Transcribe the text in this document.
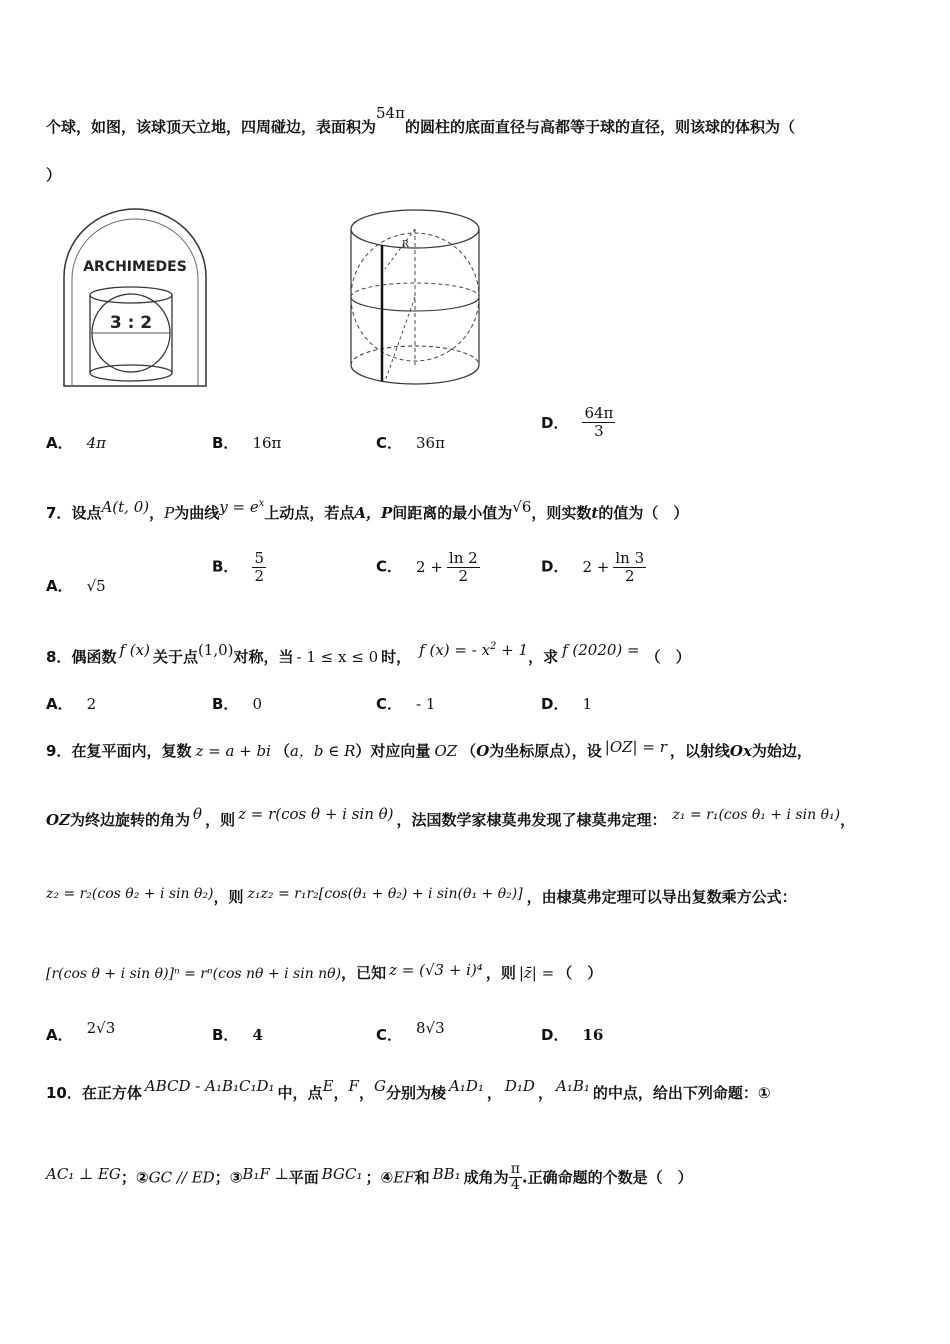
个球，如图，该球顶天立地，四周碰边，表面积为54π的圆柱的底面直径与高都等于球的直径，则该球的体积为（
）
ARCHIMEDES
3 : 2
R
A． 4π	B． 16π	C． 36π
D． $\frac{64\pi}{3}$
7．设点A(t, 0)，P为曲线$y = e^x$上动点，若点A，P间距离的最小值为√6，则实数t的值为（　）
A． √5
B． $\frac{5}{2}$	C． $2 + \frac{\ln 2}{2}$	D． $2 + \frac{\ln 3}{2}$
8．偶函数 f (x) 关于点(1,0)对称，当 - 1 ≤ x ≤ 0 时， f (x) = - $x^2 + 1$，求 f (2020) = （　）
A． 2	B． 0	C． - 1	D． 1
9．在复平面内，复数 z = a + bi （a，b ∈ R）对应向量 OZ （O为坐标原点），设 |OZ| = r ，以射线Ox为始边，
OZ为终边旋转的角为 θ ，则 z = r(cos θ + i sin θ) ，法国数学家棣莫弗发现了棣莫弗定理： z₁ = r₁(cos θ₁ + i sin θ₁)，
z₂ = r₂(cos θ₂ + i sin θ₂)，则 z₁z₂ = r₁r₂[cos(θ₁ + θ₂) + i sin(θ₁ + θ₂)] ，由棣莫弗定理可以导出复数乘方公式：
[r(cos θ + i sin θ)]ⁿ = rⁿ(cos nθ + i sin nθ)，已知 z = (√3 + i)⁴ ，则 |z̄| = （　）
A． 2√3	B． 4	C． 8√3	D． 16
10．在正方体 ABCD - A₁B₁C₁D₁ 中，点E，F，G分别为棱 A₁D₁ ， D₁D ， A₁B₁ 的中点，给出下列命题：①
AC₁ ⊥ EG；②GC // ED；③B₁F ⊥平面 BGC₁ ；④EF和 BB₁ 成角为 $\frac{\pi}{4}$ .正确命题的个数是（　）
